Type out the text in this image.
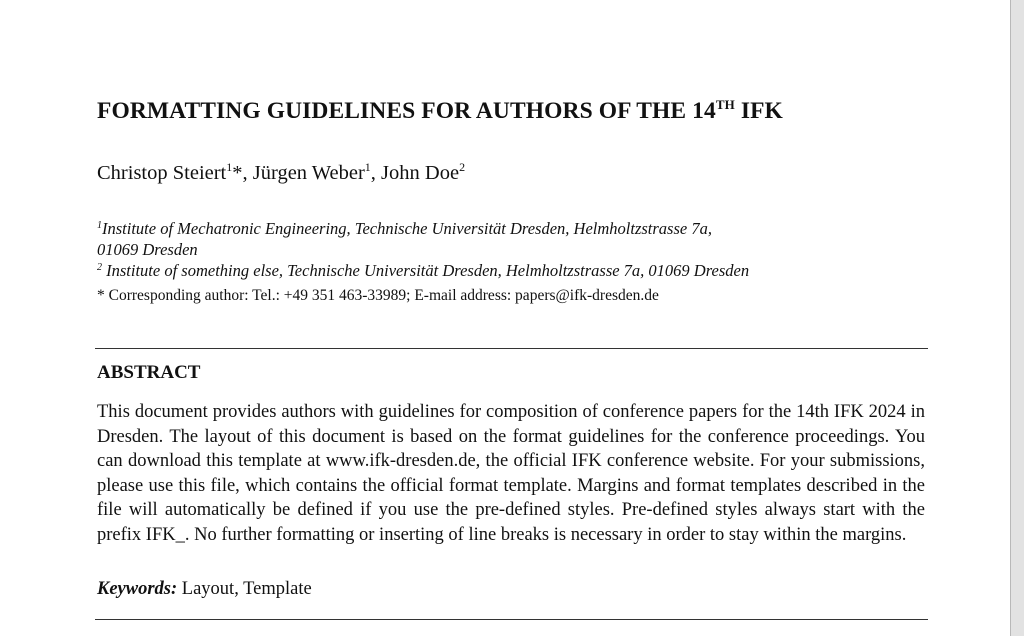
FORMATTING GUIDELINES FOR AUTHORS OF THE 14TH IFK
Christop Steiert$^1$*, Jürgen Weber$^1$, John Doe$^2$
$^1$Institute of Mechatronic Engineering, Technische Universität Dresden, Helmholtzstrasse 7a,
01069 Dresden
$^2$ Institute of something else, Technische Universität Dresden, Helmholtzstrasse 7a, 01069 Dresden
* Corresponding author: Tel.: +49 351 463-33989; E-mail address: papers@ifk-dresden.de
ABSTRACT

This document provides authors with guidelines for composition of conference papers for the 14th IFK 2024 in Dresden. The layout of this document is based on the format guidelines for the conference proceedings. You can download this template at www.ifk-dresden.de, the official IFK conference website. For your submissions, please use this file, which contains the official format template. Margins and format templates described in the file will automatically be defined if you use the pre-defined styles. Pre-defined styles always start with the prefix IFK_. No further formatting or inserting of line breaks is necessary in order to stay within the margins.

Keywords: Layout, Template
